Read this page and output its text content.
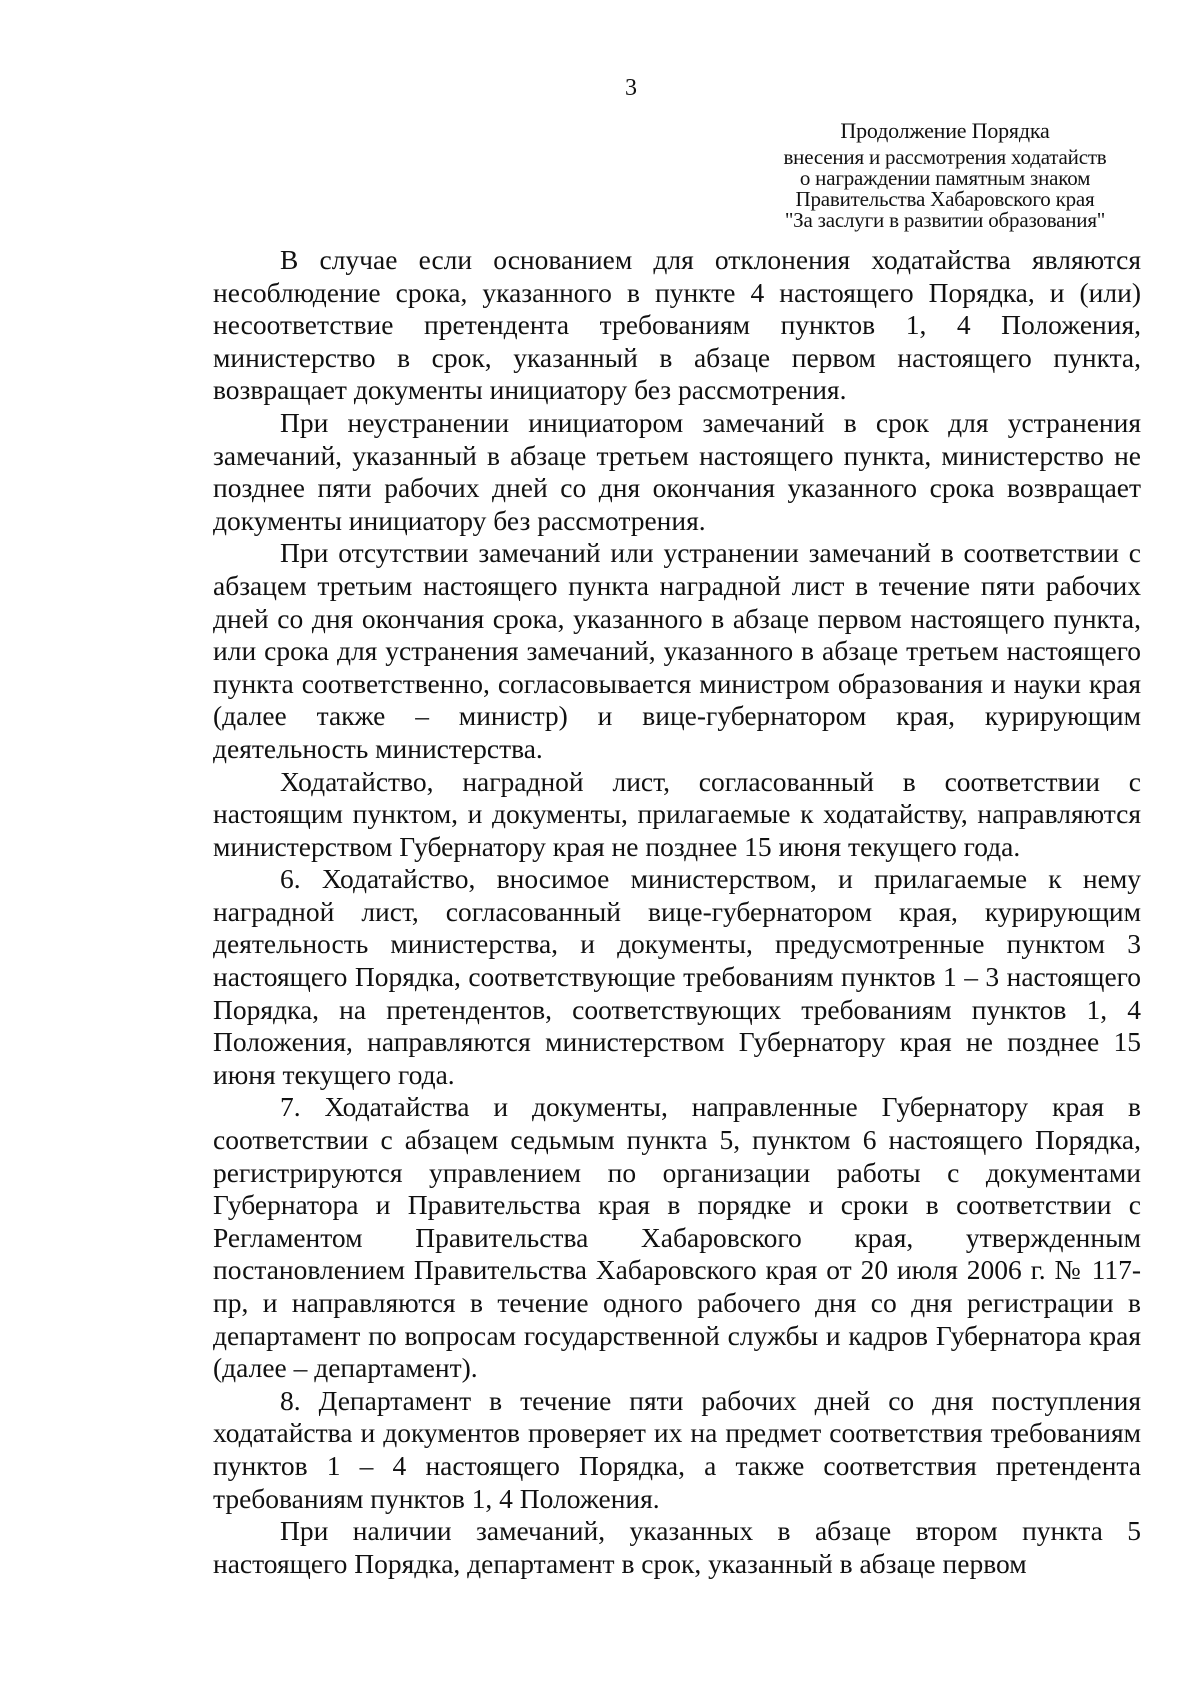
3
Продолжение Порядка
внесения и рассмотрения ходатайств
о награждении памятным знаком
Правительства Хабаровского края
"За заслуги в развитии образования"

В случае если основанием для отклонения ходатайства являются несоблюдение срока, указанного в пункте 4 настоящего Порядка, и (или) несоответствие претендента требованиям пунктов 1, 4 Положения, министерство в срок, указанный в абзаце первом настоящего пункта, возвращает документы инициатору без рассмотрения.

При неустранении инициатором замечаний в срок для устранения замечаний, указанный в абзаце третьем настоящего пункта, министерство не позднее пяти рабочих дней со дня окончания указанного срока возвращает документы инициатору без рассмотрения.

При отсутствии замечаний или устранении замечаний в соответствии с абзацем третьим настоящего пункта наградной лист в течение пяти рабочих дней со дня окончания срока, указанного в абзаце первом настоящего пункта, или срока для устранения замечаний, указанного в абзаце третьем настоящего пункта соответственно, согласовывается министром образования и науки края (далее также – министр) и вице-губернатором края, курирующим деятельность министерства.

Ходатайство, наградной лист, согласованный в соответствии с настоящим пунктом, и документы, прилагаемые к ходатайству, направляются министерством Губернатору края не позднее 15 июня текущего года.

6. Ходатайство, вносимое министерством, и прилагаемые к нему наградной лист, согласованный вице-губернатором края, курирующим деятельность министерства, и документы, предусмотренные пунктом 3 настоящего Порядка, соответствующие требованиям пунктов 1 – 3 настоящего Порядка, на претендентов, соответствующих требованиям пунктов 1, 4 Положения, направляются министерством Губернатору края не позднее 15 июня текущего года.

7. Ходатайства и документы, направленные Губернатору края в соответствии с абзацем седьмым пункта 5, пунктом 6 настоящего Порядка, регистрируются управлением по организации работы с документами Губернатора и Правительства края в порядке и сроки в соответствии с Регламентом Правительства Хабаровского края, утвержденным постановлением Правительства Хабаровского края от 20 июля 2006 г. № 117-пр, и направляются в течение одного рабочего дня со дня регистрации в департамент по вопросам государственной службы и кадров Губернатора края (далее – департамент).

8. Департамент в течение пяти рабочих дней со дня поступления ходатайства и документов проверяет их на предмет соответствия требованиям пунктов 1 – 4 настоящего Порядка, а также соответствия претендента требованиям пунктов 1, 4 Положения.

При наличии замечаний, указанных в абзаце втором пункта 5 настоящего Порядка, департамент в срок, указанный в абзаце первом
